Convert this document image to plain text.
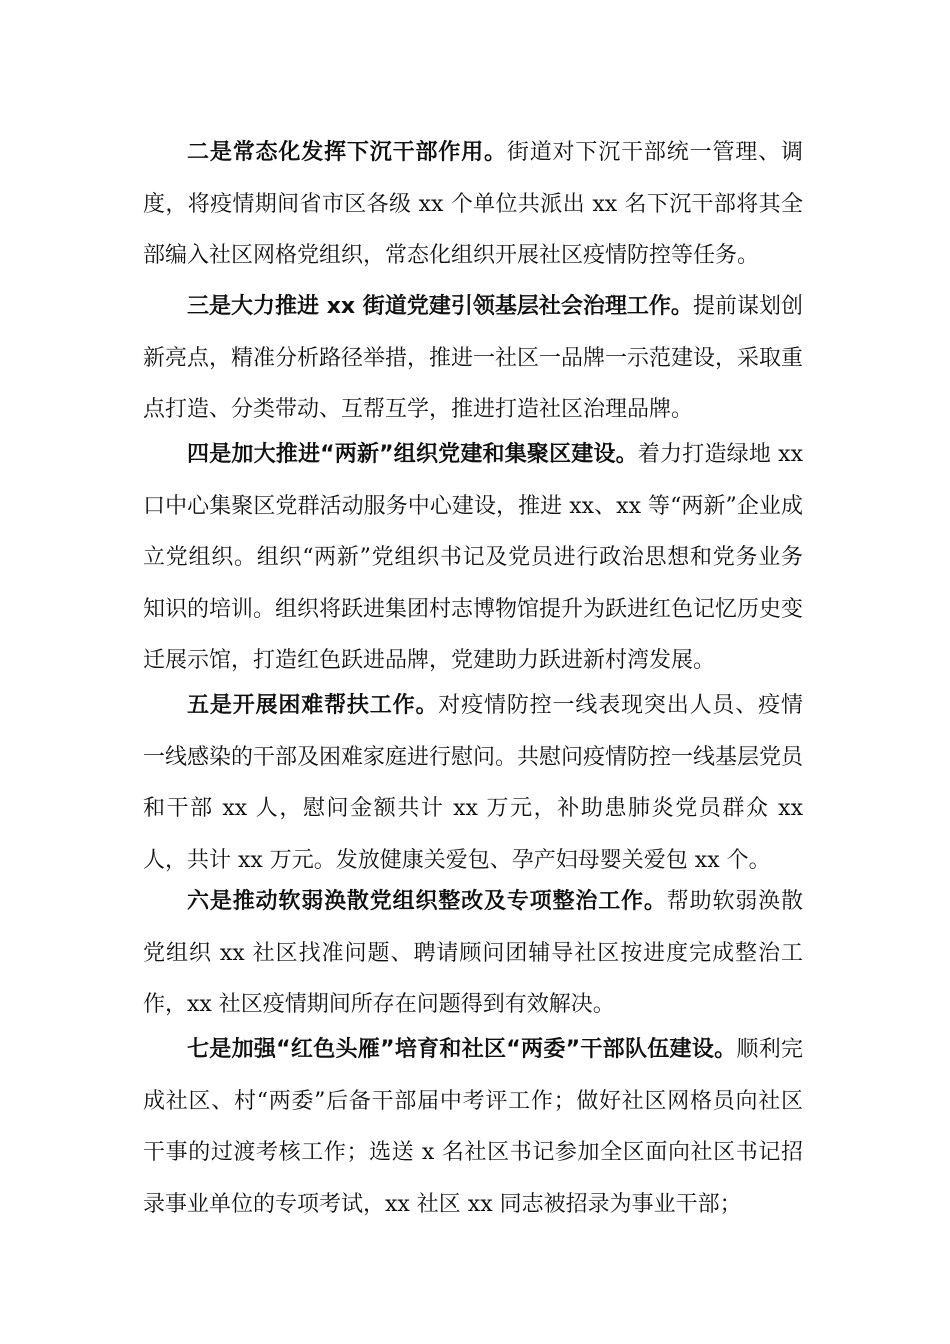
二是常态化发挥下沉干部作用。街道对下沉干部统一管理、调度，将疫情期间省市区各级 xx 个单位共派出 xx 名下沉干部将其全部编入社区网格党组织，常态化组织开展社区疫情防控等任务。

三是大力推进 xx 街道党建引领基层社会治理工作。提前谋划创新亮点，精准分析路径举措，推进一社区一品牌一示范建设，采取重点打造、分类带动、互帮互学，推进打造社区治理品牌。

四是加大推进“两新”组织党建和集聚区建设。着力打造绿地 xx 口中心集聚区党群活动服务中心建设，推进 xx、xx 等“两新”企业成立党组织。组织“两新”党组织书记及党员进行政治思想和党务业务知识的培训。组织将跃进集团村志博物馆提升为跃进红色记忆历史变迁展示馆，打造红色跃进品牌，党建助力跃进新村湾发展。

五是开展困难帮扶工作。对疫情防控一线表现突出人员、疫情一线感染的干部及困难家庭进行慰问。共慰问疫情防控一线基层党员和干部 xx 人，慰问金额共计 xx 万元，补助患肺炎党员群众 xx 人，共计 xx 万元。发放健康关爱包、孕产妇母婴关爱包 xx 个。

六是推动软弱涣散党组织整改及专项整治工作。帮助软弱涣散党组织 xx 社区找准问题、聘请顾问团辅导社区按进度完成整治工作，xx 社区疫情期间所存在问题得到有效解决。

七是加强“红色头雁”培育和社区“两委”干部队伍建设。顺利完成社区、村“两委”后备干部届中考评工作；做好社区网格员向社区干事的过渡考核工作；选送 x 名社区书记参加全区面向社区书记招录事业单位的专项考试，xx 社区 xx 同志被招录为事业干部；
